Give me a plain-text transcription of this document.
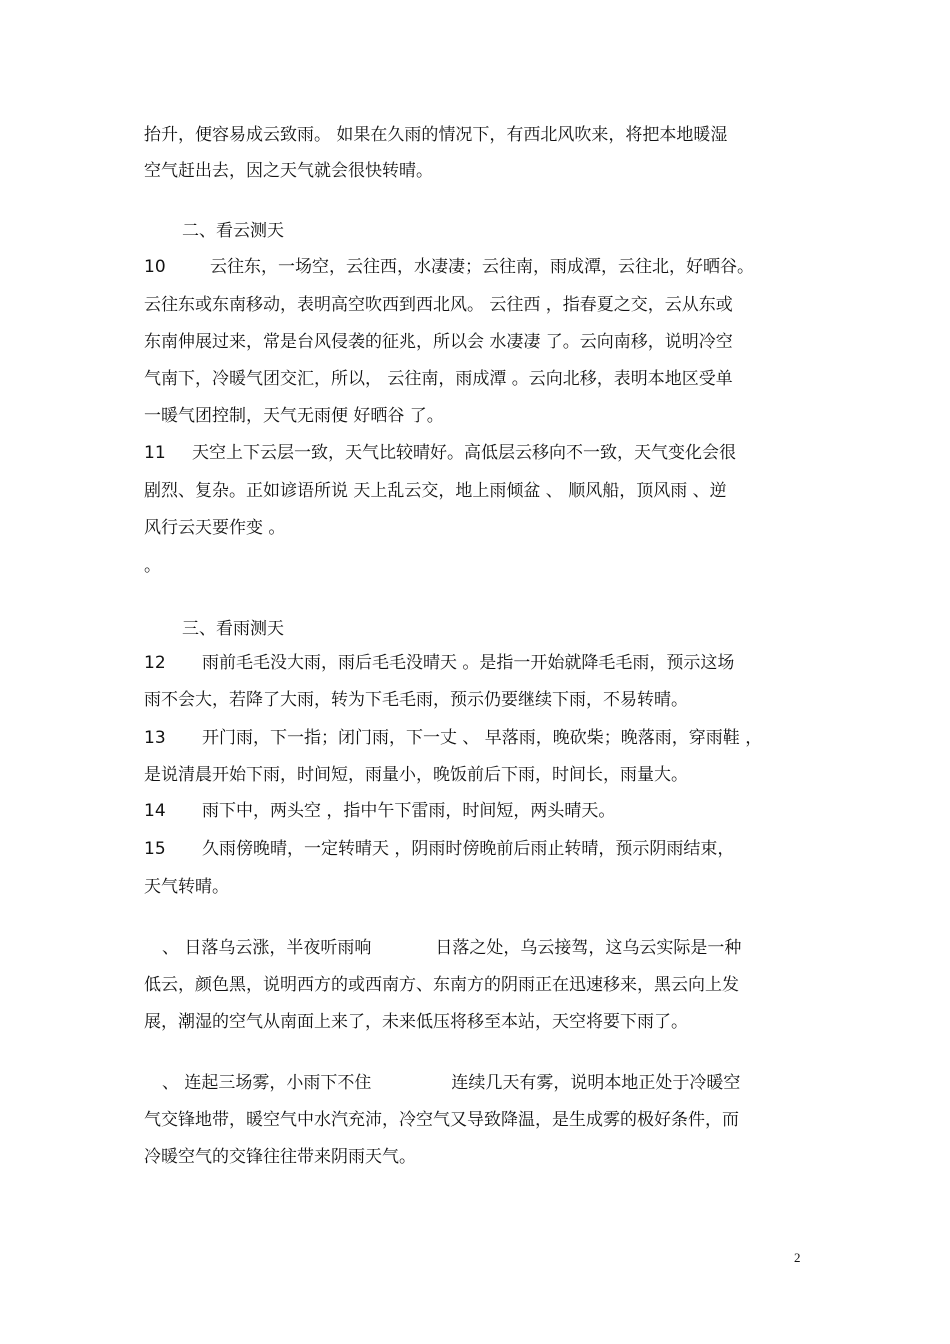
抬升，便容易成云致雨。 如果在久雨的情况下，有西北风吹来，将把本地暖湿
空气赶出去，因之天气就会很快转晴。
二、看云测天
10	云往东，一场空，云往西，水凄凄；云往南，雨成潭，云往北，好晒谷。
云往东或东南移动，表明高空吹西到西北风。 云往西 ，指春夏之交，云从东或
东南伸展过来，常是台风侵袭的征兆，所以会 水凄凄 了。云向南移，说明冷空
气南下，冷暖气团交汇，所以， 云往南，雨成潭 。云向北移，表明本地区受单
一暖气团控制，天气无雨便 好晒谷 了。
11 天空上下云层一致，天气比较晴好。高低层云移向不一致，天气变化会很
剧烈、复杂。正如谚语所说 天上乱云交，地上雨倾盆 、 顺风船，顶风雨 、逆
风行云天要作变 。
。
三、看雨测天
12 雨前毛毛没大雨，雨后毛毛没晴天 。是指一开始就降毛毛雨，预示这场
雨不会大，若降了大雨，转为下毛毛雨，预示仍要继续下雨，不易转晴。
13 开门雨，下一指；闭门雨，下一丈 、 早落雨，晚砍柴；晚落雨，穿雨鞋 ，
是说清晨开始下雨，时间短，雨量小，晚饭前后下雨，时间长，雨量大。
14 雨下中，两头空 ，指中午下雷雨，时间短，两头晴天。
15 久雨傍晚晴，一定转晴天 ，阴雨时傍晚前后雨止转晴，预示阴雨结束，
天气转晴。
、 日落乌云涨，半夜听雨响	日落之处，乌云接驾，这乌云实际是一种
低云，颜色黑，说明西方的或西南方、东南方的阴雨正在迅速移来，黑云向上发
展，潮湿的空气从南面上来了，未来低压将移至本站，天空将要下雨了。
、 连起三场雾，小雨下不住	连续几天有雾，说明本地正处于冷暖空
气交锋地带，暖空气中水汽充沛，冷空气又导致降温，是生成雾的极好条件，而
冷暖空气的交锋往往带来阴雨天气。
2
